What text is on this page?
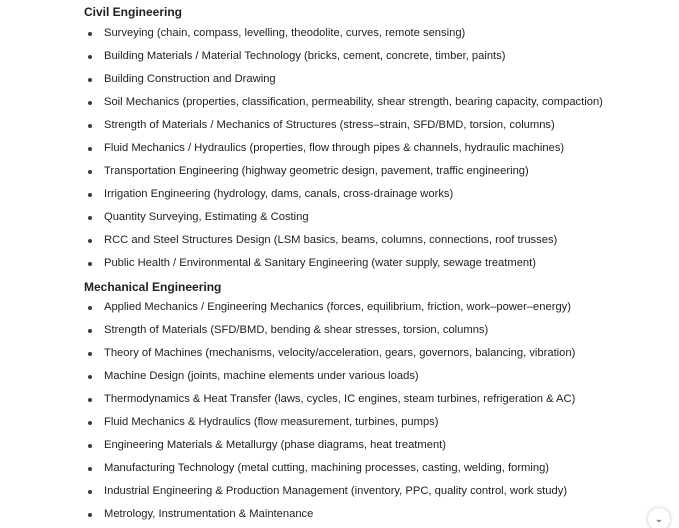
Civil Engineering
Surveying (chain, compass, levelling, theodolite, curves, remote sensing)
Building Materials / Material Technology (bricks, cement, concrete, timber, paints)
Building Construction and Drawing
Soil Mechanics (properties, classification, permeability, shear strength, bearing capacity, compaction)
Strength of Materials / Mechanics of Structures (stress–strain, SFD/BMD, torsion, columns)
Fluid Mechanics / Hydraulics (properties, flow through pipes & channels, hydraulic machines)
Transportation Engineering (highway geometric design, pavement, traffic engineering)
Irrigation Engineering (hydrology, dams, canals, cross-drainage works)
Quantity Surveying, Estimating & Costing
RCC and Steel Structures Design (LSM basics, beams, columns, connections, roof trusses)
Public Health / Environmental & Sanitary Engineering (water supply, sewage treatment)
Mechanical Engineering
Applied Mechanics / Engineering Mechanics (forces, equilibrium, friction, work–power–energy)
Strength of Materials (SFD/BMD, bending & shear stresses, torsion, columns)
Theory of Machines (mechanisms, velocity/acceleration, gears, governors, balancing, vibration)
Machine Design (joints, machine elements under various loads)
Thermodynamics & Heat Transfer (laws, cycles, IC engines, steam turbines, refrigeration & AC)
Fluid Mechanics & Hydraulics (flow measurement, turbines, pumps)
Engineering Materials & Metallurgy (phase diagrams, heat treatment)
Manufacturing Technology (metal cutting, machining processes, casting, welding, forming)
Industrial Engineering & Production Management (inventory, PPC, quality control, work study)
Metrology, Instrumentation & Maintenance	⌄
